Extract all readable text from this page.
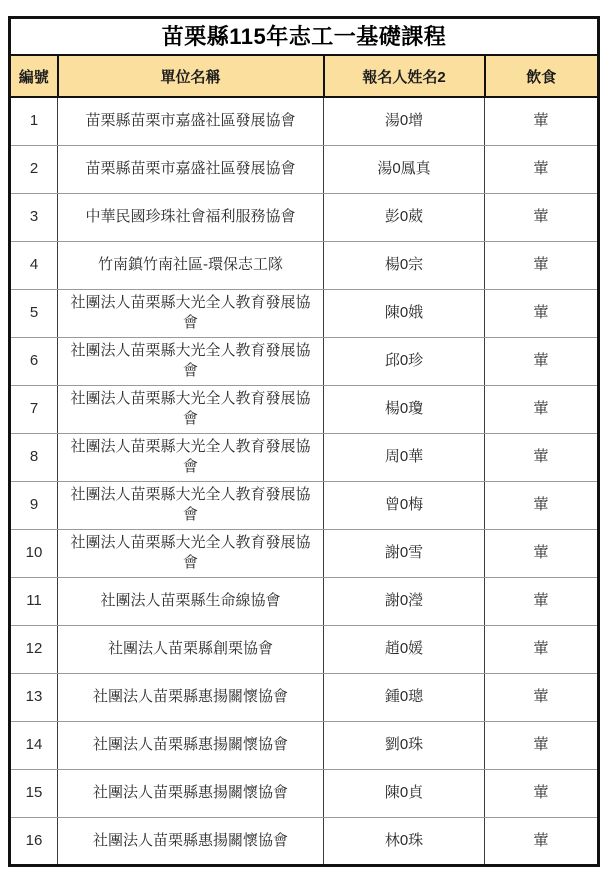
苗栗縣115年志工一基礎課程			
編號	單位名稱	報名人姓名2	飲食
1	苗栗縣苗栗市嘉盛社區發展協會	湯0增	葷
2	苗栗縣苗栗市嘉盛社區發展協會	湯0鳳真	葷
3	中華民國珍珠社會福利服務協會	彭0葳	葷
4	竹南鎮竹南社區-環保志工隊	楊0宗	葷
5	社團法人苗栗縣大光全人教育發展協會	陳0娥	葷
6	社團法人苗栗縣大光全人教育發展協會	邱0珍	葷
7	社團法人苗栗縣大光全人教育發展協會	楊0瓊	葷
8	社團法人苗栗縣大光全人教育發展協會	周0華	葷
9	社團法人苗栗縣大光全人教育發展協會	曾0梅	葷
10	社團法人苗栗縣大光全人教育發展協會	謝0雪	葷
11	社團法人苗栗縣生命線協會	謝0瀅	葷
12	社團法人苗栗縣創栗協會	趙0媛	葷
13	社團法人苗栗縣惠揚關懷協會	鍾0璁	葷
14	社團法人苗栗縣惠揚關懷協會	劉0珠	葷
15	社團法人苗栗縣惠揚關懷協會	陳0貞	葷
16	社團法人苗栗縣惠揚關懷協會	林0珠	葷
